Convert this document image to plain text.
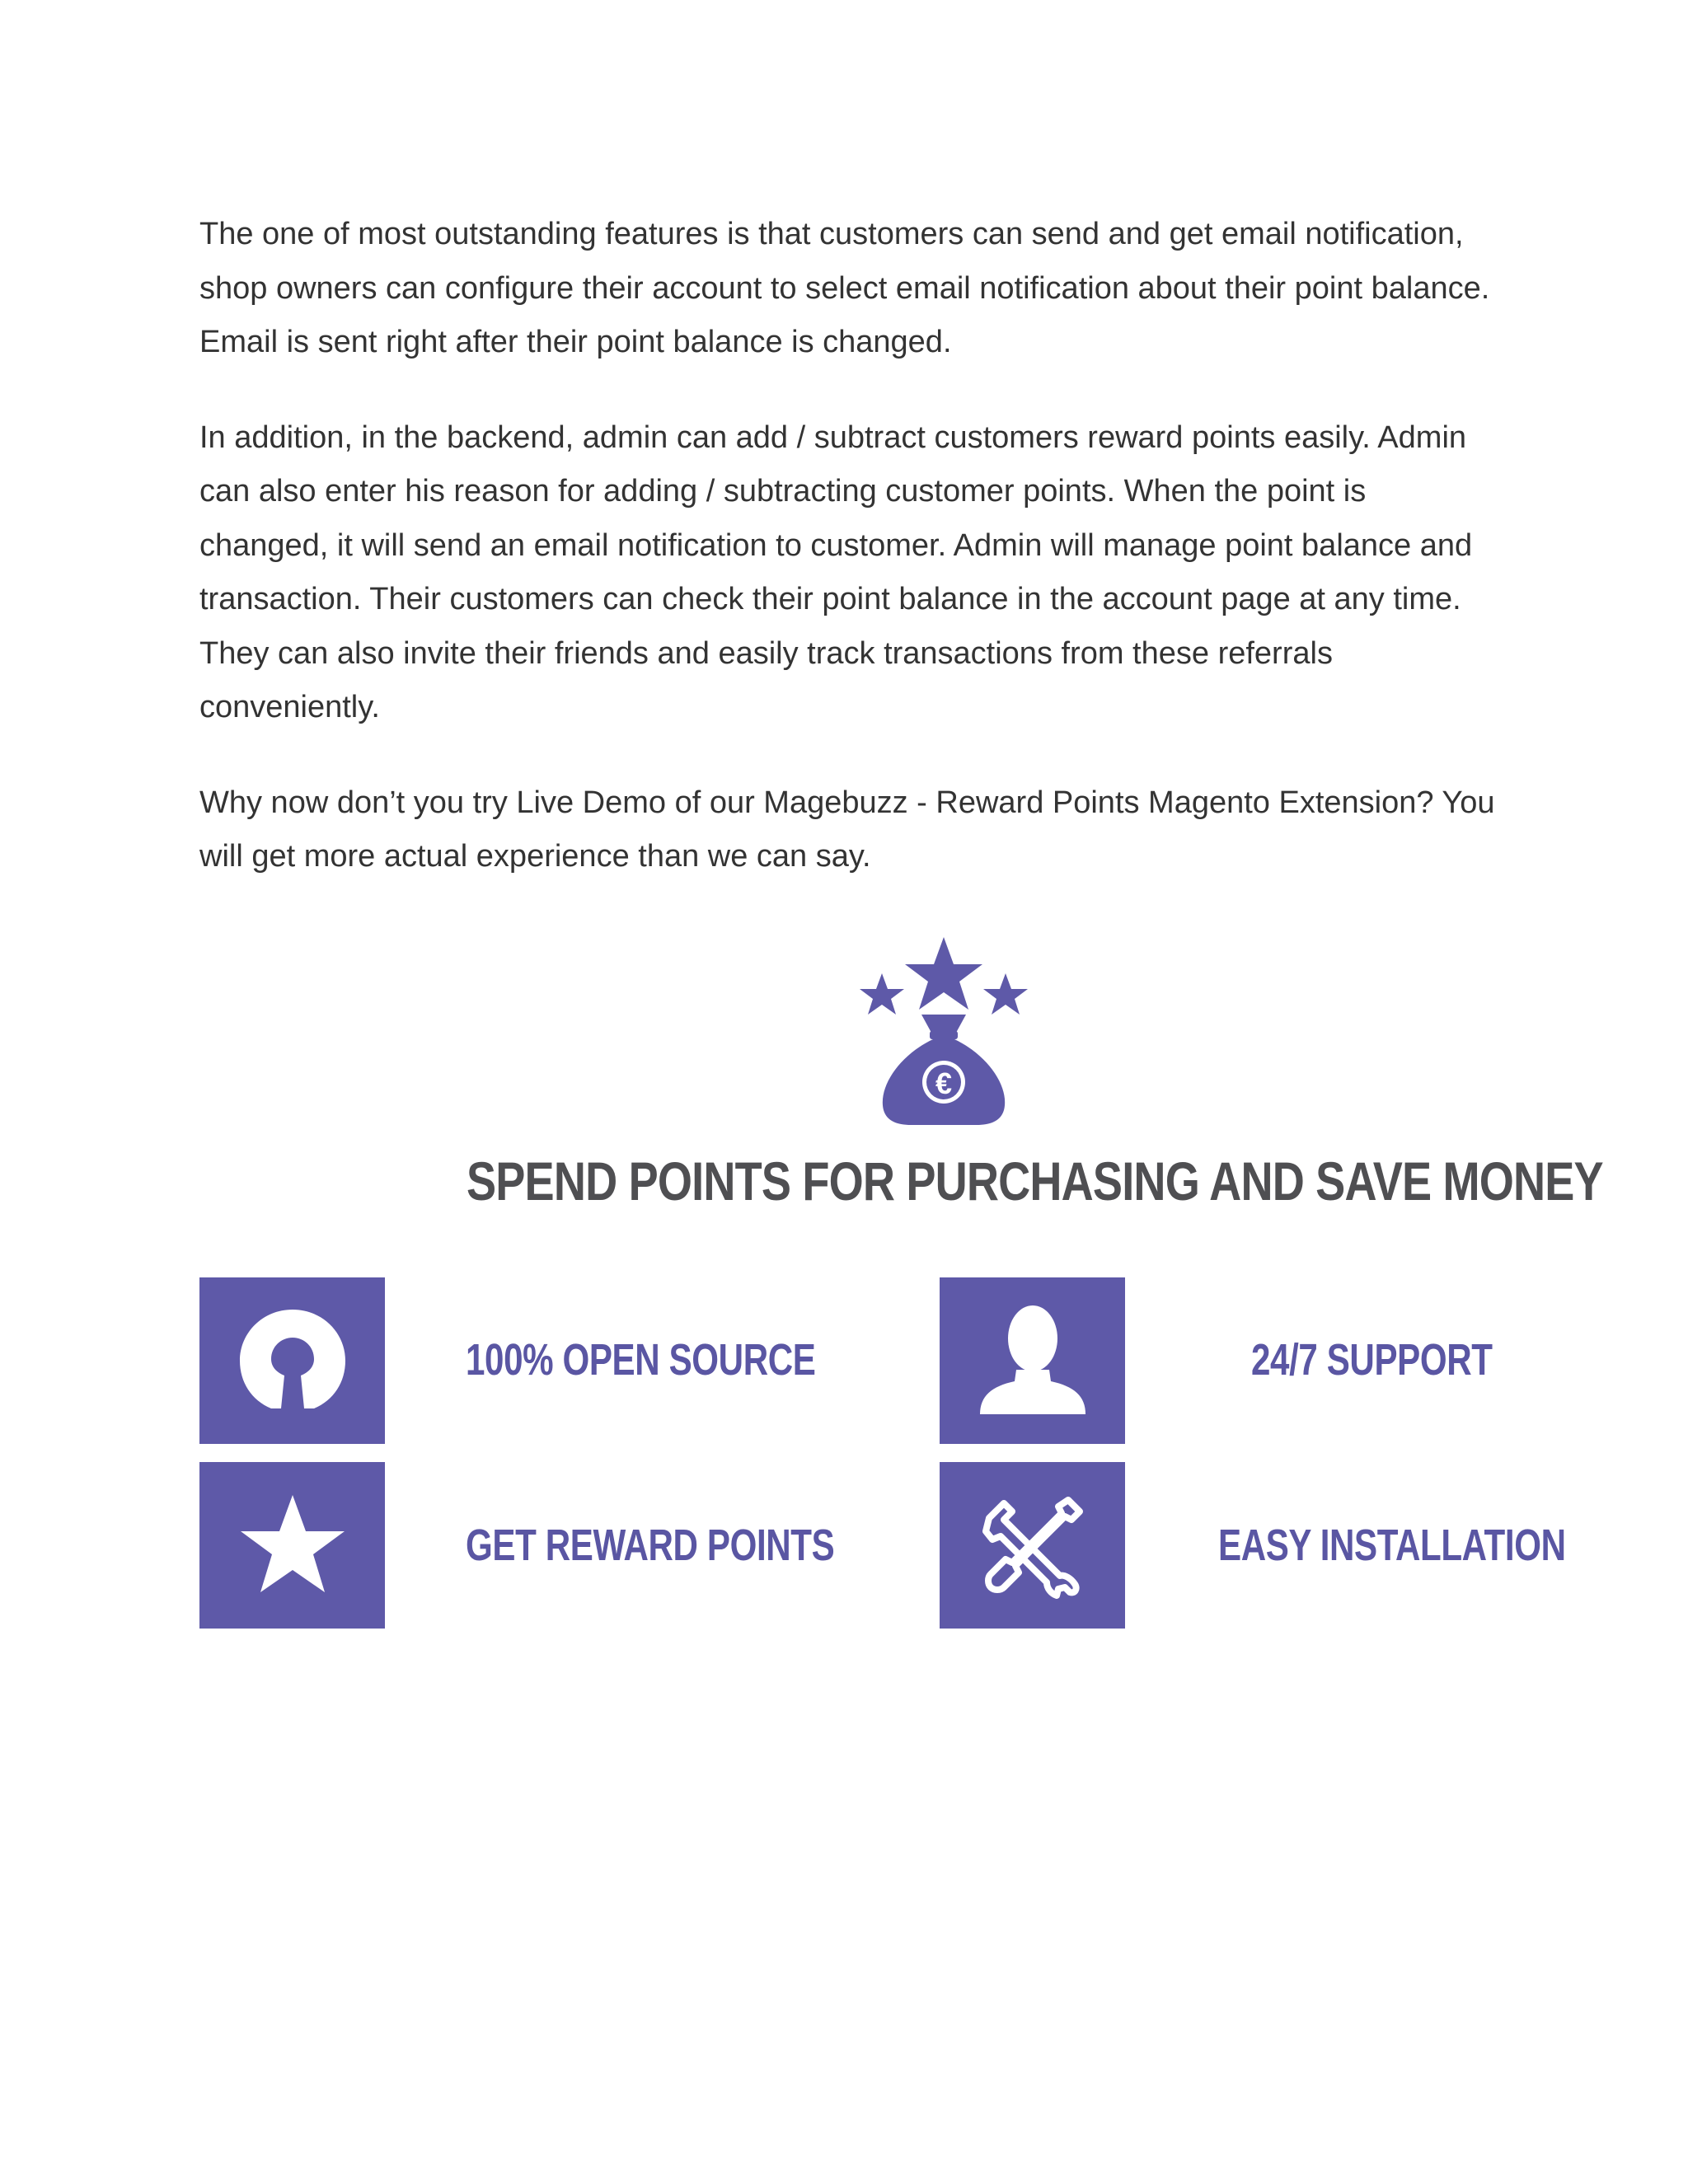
The one of most outstanding features is that customers can send and get email notification, shop owners can configure their account to select email notification about their point balance. Email is sent right after their point balance is changed.

In addition, in the backend, admin can add / subtract customers reward points easily. Admin can also enter his reason for adding / subtracting customer points. When the point is changed, it will send an email notification to customer. Admin will manage point balance and transaction. Their customers can check their point balance in the account page at any time. They can also invite their friends and easily track transactions from these referrals conveniently.

Why now don’t you try Live Demo of our Magebuzz - Reward Points Magento Extension? You will get more actual experience than we can say.

€
SPEND POINTS FOR PURCHASING AND SAVE MONEY
100% OPEN SOURCE	24/7 SUPPORT
GET REWARD POINTS	EASY INSTALLATION
